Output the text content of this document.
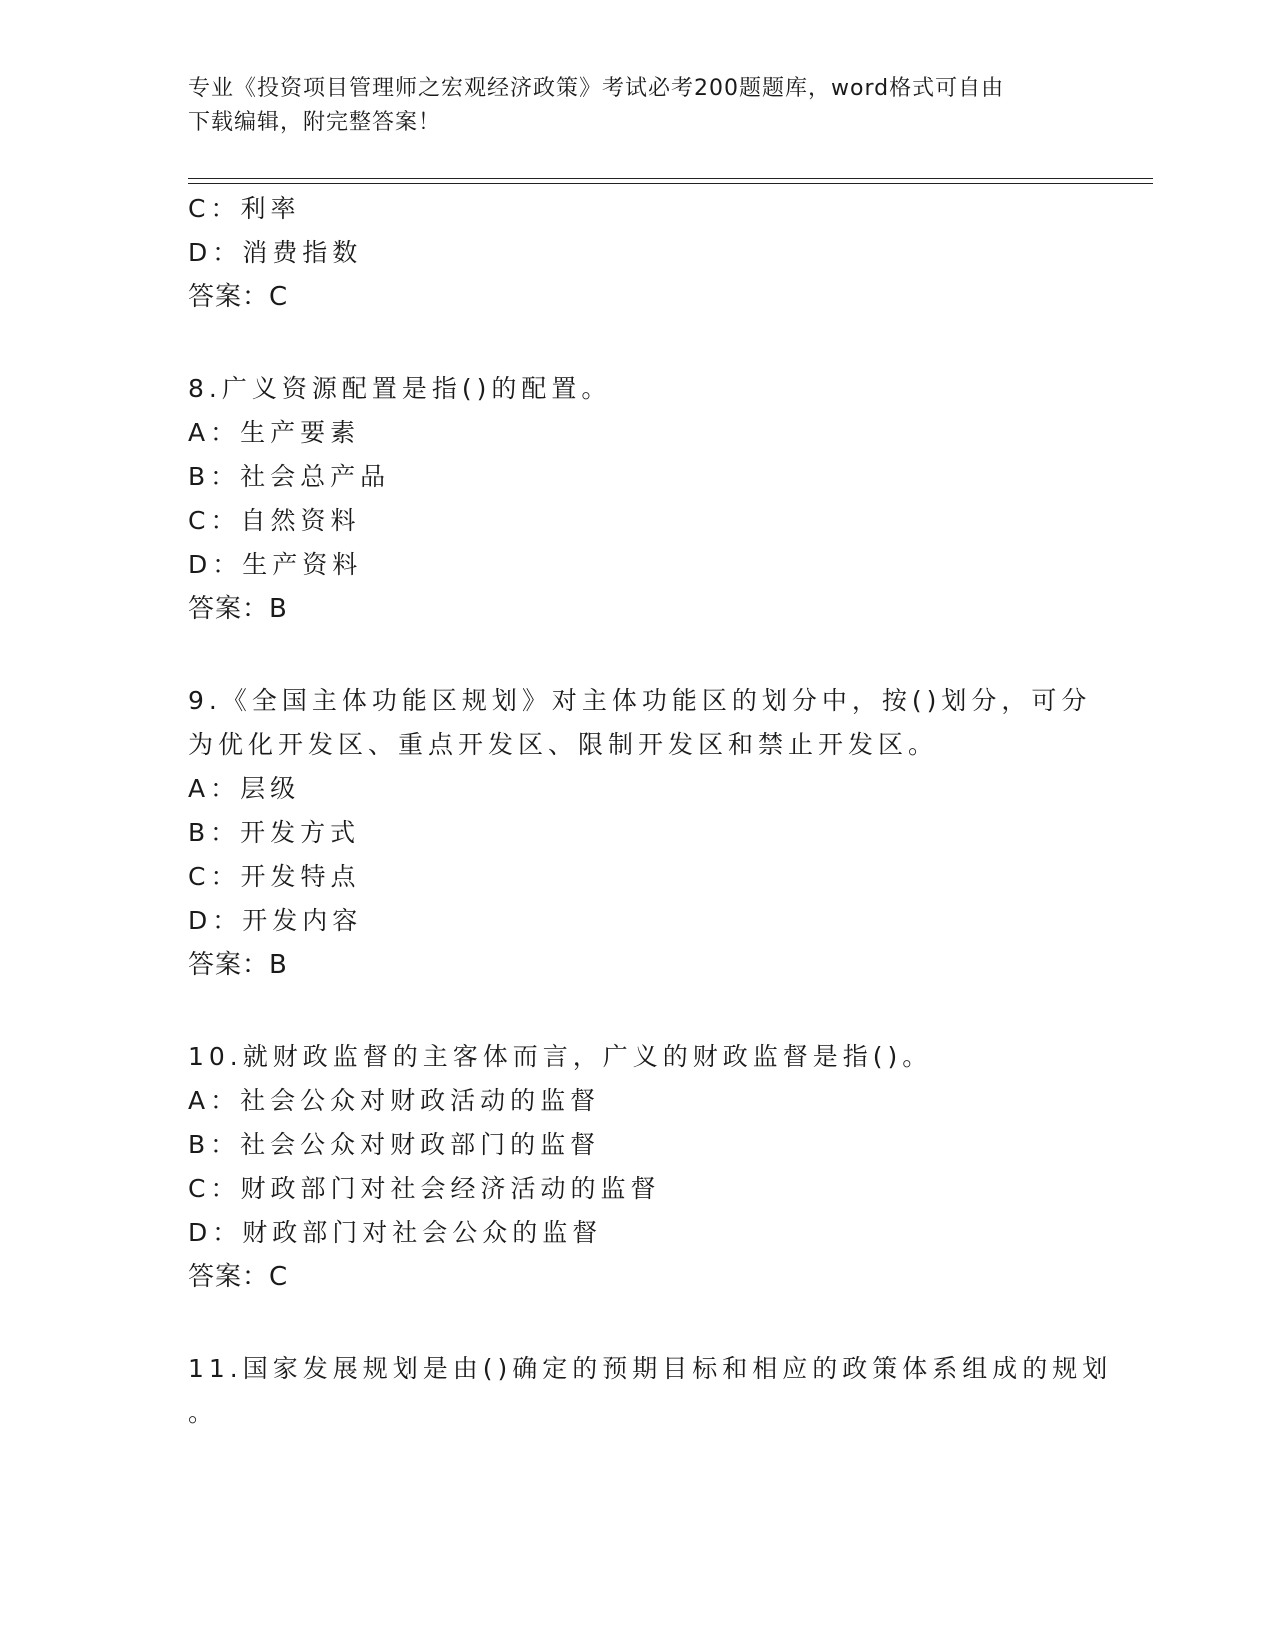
专业《投资项目管理师之宏观经济政策》考试必考200题题库，word格式可自由
下载编辑，附完整答案！
C：利率
D：消费指数
答案：C
8.广义资源配置是指()的配置。
A：生产要素
B：社会总产品
C：自然资料
D：生产资料
答案：B
9.《全国主体功能区规划》对主体功能区的划分中，按()划分，可分
为优化开发区、重点开发区、限制开发区和禁止开发区。
A：层级
B：开发方式
C：开发特点
D：开发内容
答案：B
10.就财政监督的主客体而言，广义的财政监督是指()。
A：社会公众对财政活动的监督
B：社会公众对财政部门的监督
C：财政部门对社会经济活动的监督
D：财政部门对社会公众的监督
答案：C
11.国家发展规划是由()确定的预期目标和相应的政策体系组成的规划
。
